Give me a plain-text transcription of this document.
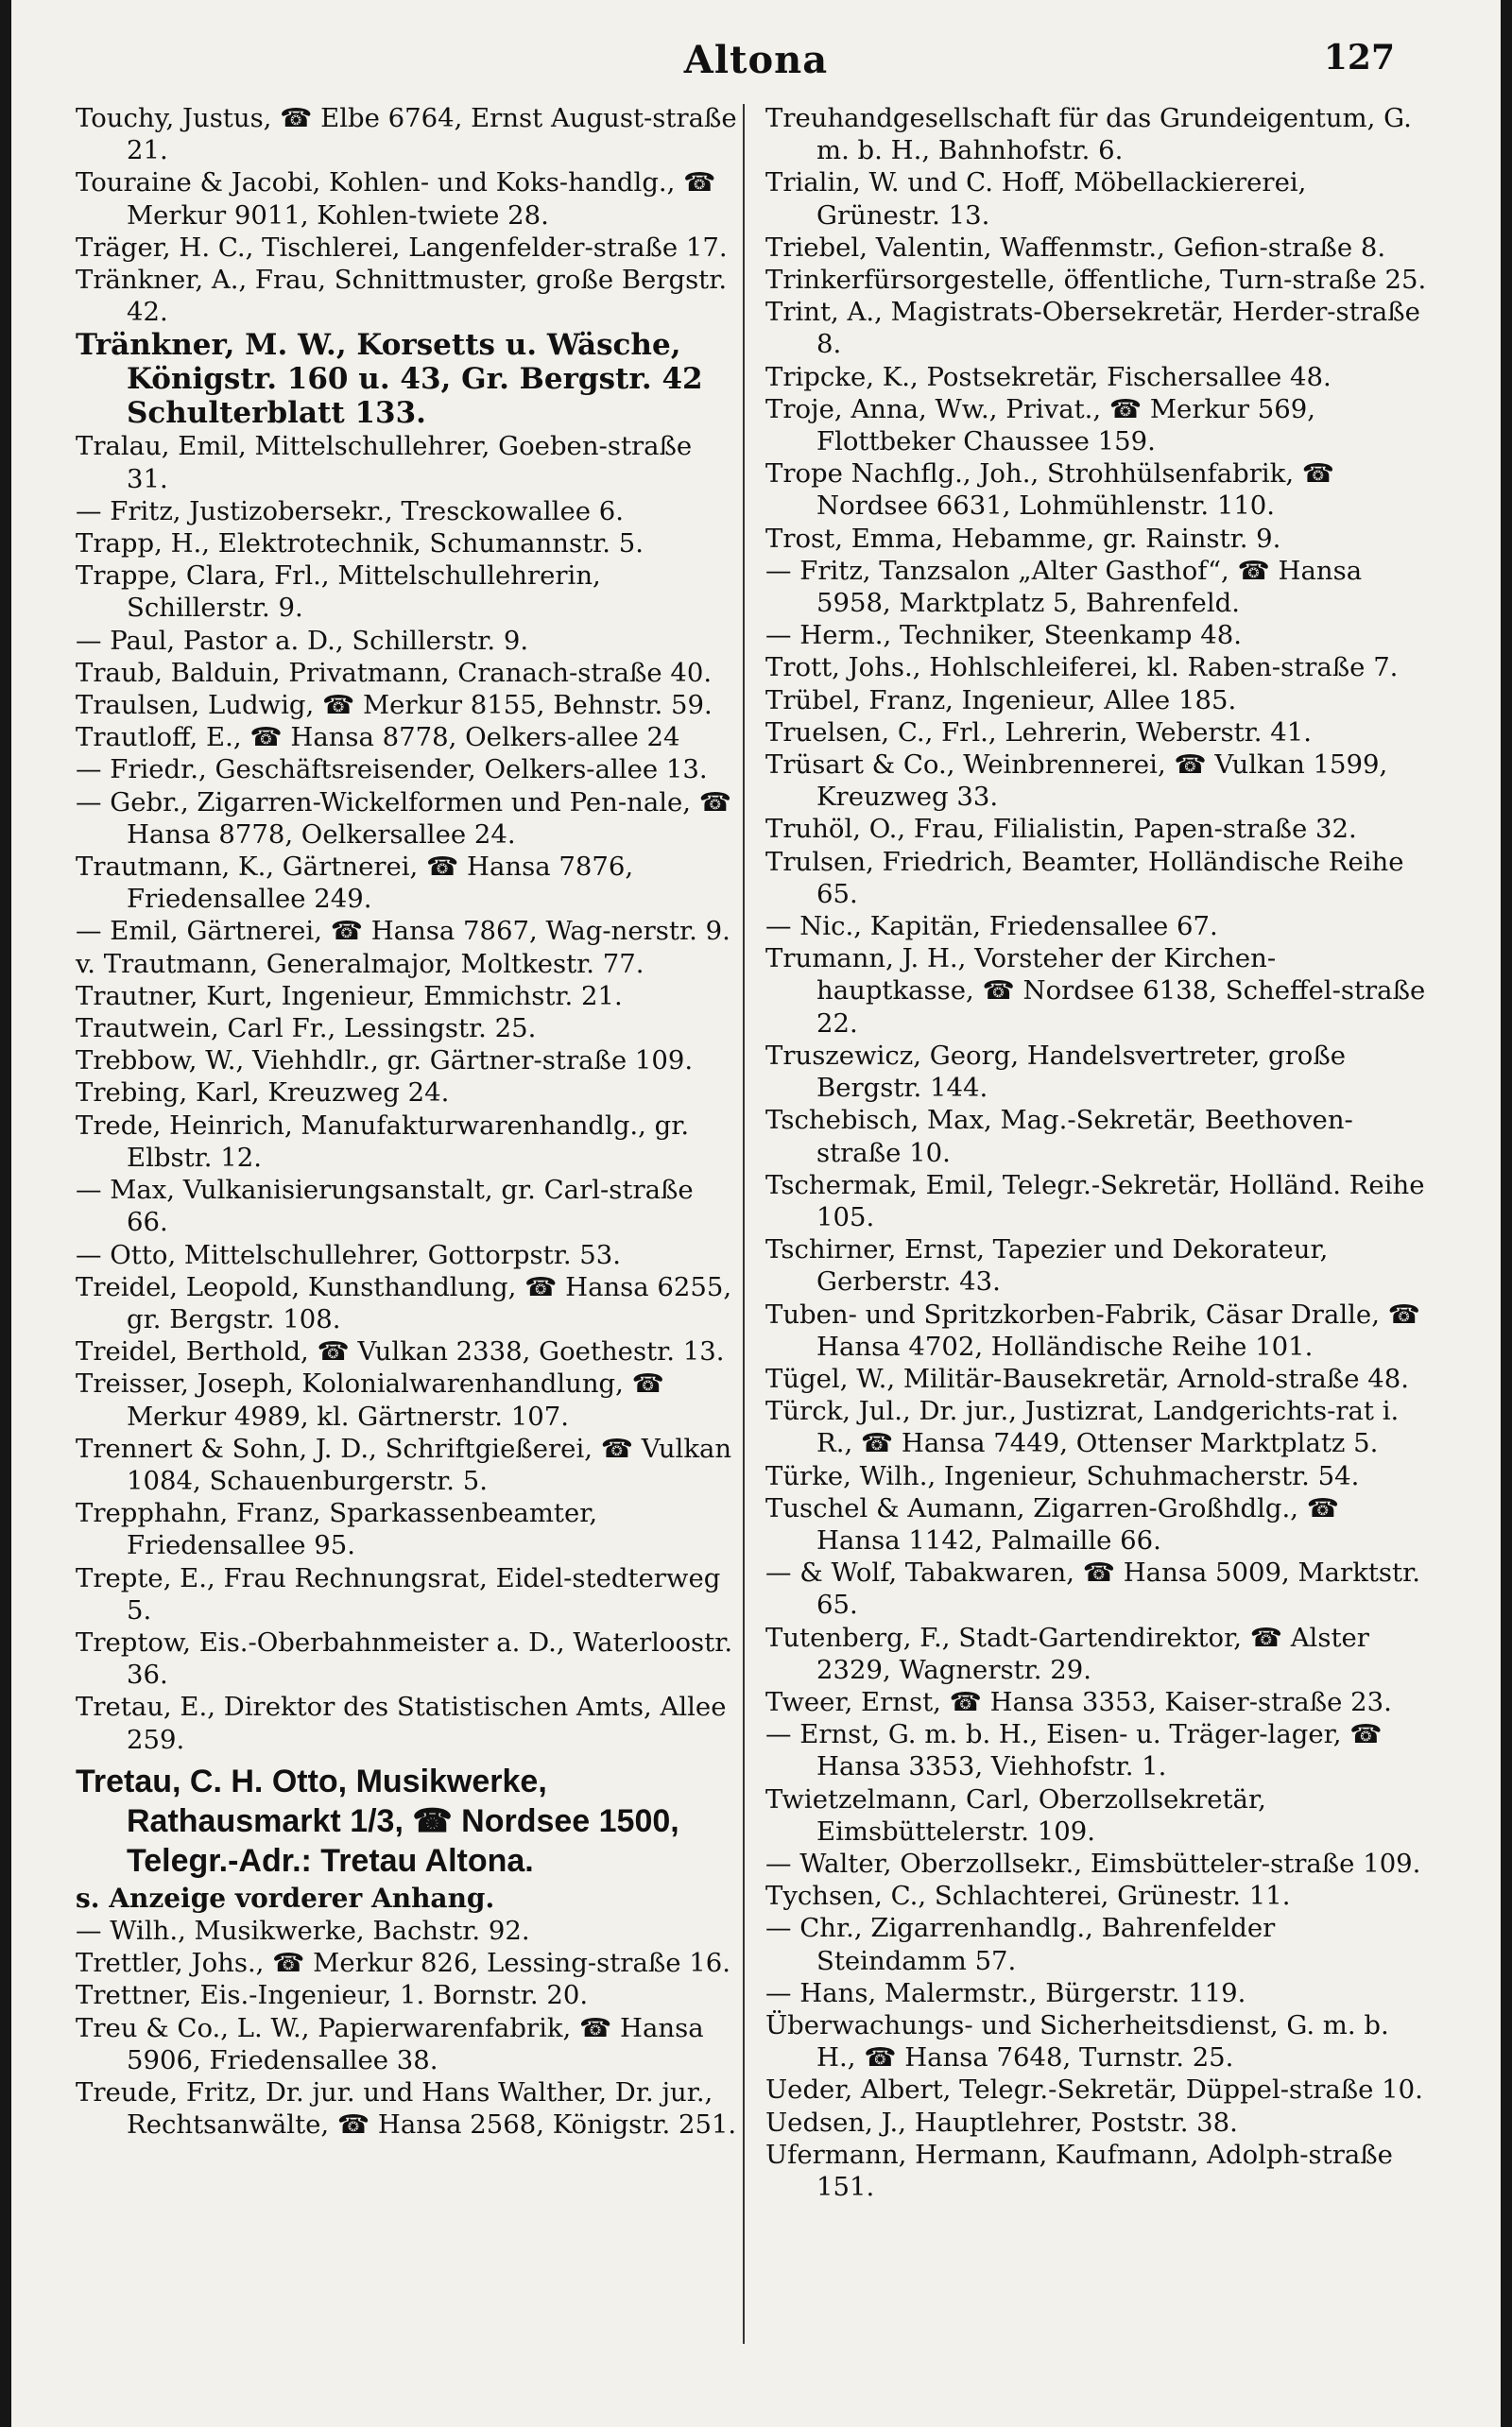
Altona	127

Touchy, Justus, ☎ Elbe 6764, Ernst August-straße 21.

Touraine & Jacobi, Kohlen- und Koks-handlg., ☎ Merkur 9011, Kohlen-twiete 28.

Träger, H. C., Tischlerei, Langenfelder-straße 17.

Tränkner, A., Frau, Schnittmuster, große Bergstr. 42.

Tränkner, M. W., Korsetts u. Wäsche, Königstr. 160 u. 43, Gr. Bergstr. 42 Schulterblatt 133.

Tralau, Emil, Mittelschullehrer, Goeben-straße 31.

— Fritz, Justizobersekr., Tresckowallee 6.

Trapp, H., Elektrotechnik, Schumannstr. 5.

Trappe, Clara, Frl., Mittelschullehrerin, Schillerstr. 9.

— Paul, Pastor a. D., Schillerstr. 9.

Traub, Balduin, Privatmann, Cranach-straße 40.

Traulsen, Ludwig, ☎ Merkur 8155, Behnstr. 59.

Trautloff, E., ☎ Hansa 8778, Oelkers-allee 24

— Friedr., Geschäftsreisender, Oelkers-allee 13.

— Gebr., Zigarren-Wickelformen und Pen-nale, ☎ Hansa 8778, Oelkersallee 24.

Trautmann, K., Gärtnerei, ☎ Hansa 7876, Friedensallee 249.

— Emil, Gärtnerei, ☎ Hansa 7867, Wag-nerstr. 9.

v. Trautmann, Generalmajor, Moltkestr. 77.

Trautner, Kurt, Ingenieur, Emmichstr. 21.

Trautwein, Carl Fr., Lessingstr. 25.

Trebbow, W., Viehhdlr., gr. Gärtner-straße 109.

Trebing, Karl, Kreuzweg 24.

Trede, Heinrich, Manufakturwarenhandlg., gr. Elbstr. 12.

— Max, Vulkanisierungsanstalt, gr. Carl-straße 66.

— Otto, Mittelschullehrer, Gottorpstr. 53.

Treidel, Leopold, Kunsthandlung, ☎ Hansa 6255, gr. Bergstr. 108.

Treidel, Berthold, ☎ Vulkan 2338, Goethestr. 13.

Treisser, Joseph, Kolonialwarenhandlung, ☎ Merkur 4989, kl. Gärtnerstr. 107.

Trennert & Sohn, J. D., Schriftgießerei, ☎ Vulkan 1084, Schauenburgerstr. 5.

Trepphahn, Franz, Sparkassenbeamter, Friedensallee 95.

Trepte, E., Frau Rechnungsrat, Eidel-stedterweg 5.

Treptow, Eis.-Oberbahnmeister a. D., Waterloostr. 36.

Tretau, E., Direktor des Statistischen Amts, Allee 259.

Tretau, C. H. Otto, Musikwerke, Rathausmarkt 1/3, ☎ Nordsee 1500, Telegr.-Adr.: Tretau Altona.

s. Anzeige vorderer Anhang.

— Wilh., Musikwerke, Bachstr. 92.

Trettler, Johs., ☎ Merkur 826, Lessing-straße 16.

Trettner, Eis.-Ingenieur, 1. Bornstr. 20.

Treu & Co., L. W., Papierwarenfabrik, ☎ Hansa 5906, Friedensallee 38.

Treude, Fritz, Dr. jur. und Hans Walther, Dr. jur., Rechtsanwälte, ☎ Hansa 2568, Königstr. 251.

Treuhandgesellschaft für das Grundeigentum, G. m. b. H., Bahnhofstr. 6.

Trialin, W. und C. Hoff, Möbellackiererei, Grünestr. 13.

Triebel, Valentin, Waffenmstr., Gefion-straße 8.

Trinkerfürsorgestelle, öffentliche, Turn-straße 25.

Trint, A., Magistrats-Obersekretär, Herder-straße 8.

Tripcke, K., Postsekretär, Fischersallee 48.

Troje, Anna, Ww., Privat., ☎ Merkur 569, Flottbeker Chaussee 159.

Trope Nachflg., Joh., Strohhülsenfabrik, ☎ Nordsee 6631, Lohmühlenstr. 110.

Trost, Emma, Hebamme, gr. Rainstr. 9.

— Fritz, Tanzsalon „Alter Gasthof“, ☎ Hansa 5958, Marktplatz 5, Bahrenfeld.

— Herm., Techniker, Steenkamp 48.

Trott, Johs., Hohlschleiferei, kl. Raben-straße 7.

Trübel, Franz, Ingenieur, Allee 185.

Truelsen, C., Frl., Lehrerin, Weberstr. 41.

Trüsart & Co., Weinbrennerei, ☎ Vulkan 1599, Kreuzweg 33.

Truhöl, O., Frau, Filialistin, Papen-straße 32.

Trulsen, Friedrich, Beamter, Holländische Reihe 65.

— Nic., Kapitän, Friedensallee 67.

Trumann, J. H., Vorsteher der Kirchen-hauptkasse, ☎ Nordsee 6138, Scheffel-straße 22.

Truszewicz, Georg, Handelsvertreter, große Bergstr. 144.

Tschebisch, Max, Mag.-Sekretär, Beethoven-straße 10.

Tschermak, Emil, Telegr.-Sekretär, Holländ. Reihe 105.

Tschirner, Ernst, Tapezier und Dekorateur, Gerberstr. 43.

Tuben- und Spritzkorben-Fabrik, Cäsar Dralle, ☎ Hansa 4702, Holländische Reihe 101.

Tügel, W., Militär-Bausekretär, Arnold-straße 48.

Türck, Jul., Dr. jur., Justizrat, Landgerichts-rat i. R., ☎ Hansa 7449, Ottenser Marktplatz 5.

Türke, Wilh., Ingenieur, Schuhmacherstr. 54.

Tuschel & Aumann, Zigarren-Großhdlg., ☎ Hansa 1142, Palmaille 66.

— & Wolf, Tabakwaren, ☎ Hansa 5009, Marktstr. 65.

Tutenberg, F., Stadt-Gartendirektor, ☎ Alster 2329, Wagnerstr. 29.

Tweer, Ernst, ☎ Hansa 3353, Kaiser-straße 23.

— Ernst, G. m. b. H., Eisen- u. Träger-lager, ☎ Hansa 3353, Viehhofstr. 1.

Twietzelmann, Carl, Oberzollsekretär, Eimsbüttelerstr. 109.

— Walter, Oberzollsekr., Eimsbütteler-straße 109.

Tychsen, C., Schlachterei, Grünestr. 11.

— Chr., Zigarrenhandlg., Bahrenfelder Steindamm 57.

— Hans, Malermstr., Bürgerstr. 119.

Überwachungs- und Sicherheitsdienst, G. m. b. H., ☎ Hansa 7648, Turnstr. 25.

Ueder, Albert, Telegr.-Sekretär, Düppel-straße 10.

Uedsen, J., Hauptlehrer, Poststr. 38.

Ufermann, Hermann, Kaufmann, Adolph-straße 151.
